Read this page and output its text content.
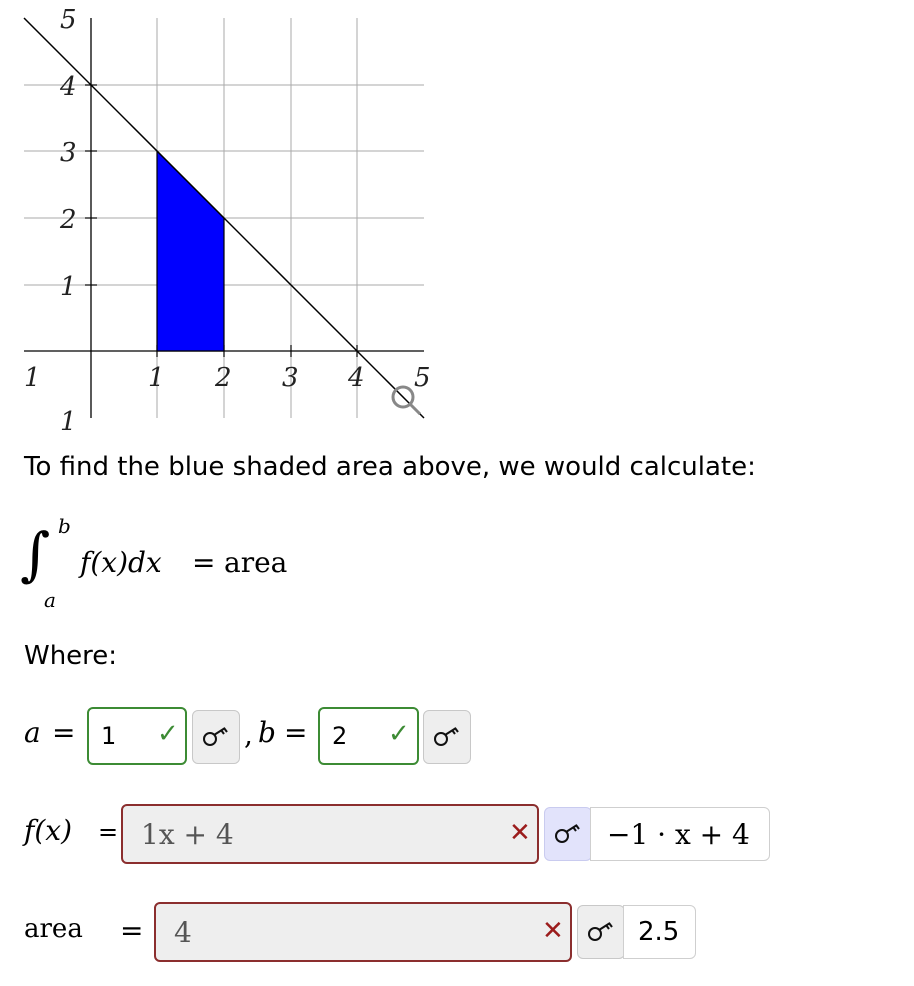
1	1 2 3 4 5
5
4
3
2
1
1
To find the blue shaded area above, we would calculate:
∫ b
a
f(x)dx = area
Where:
a = 1 ✓ , b = 2 ✓
f(x) = 1x + 4	✕	−1 · x + 4
area = 4	✕	2.5
